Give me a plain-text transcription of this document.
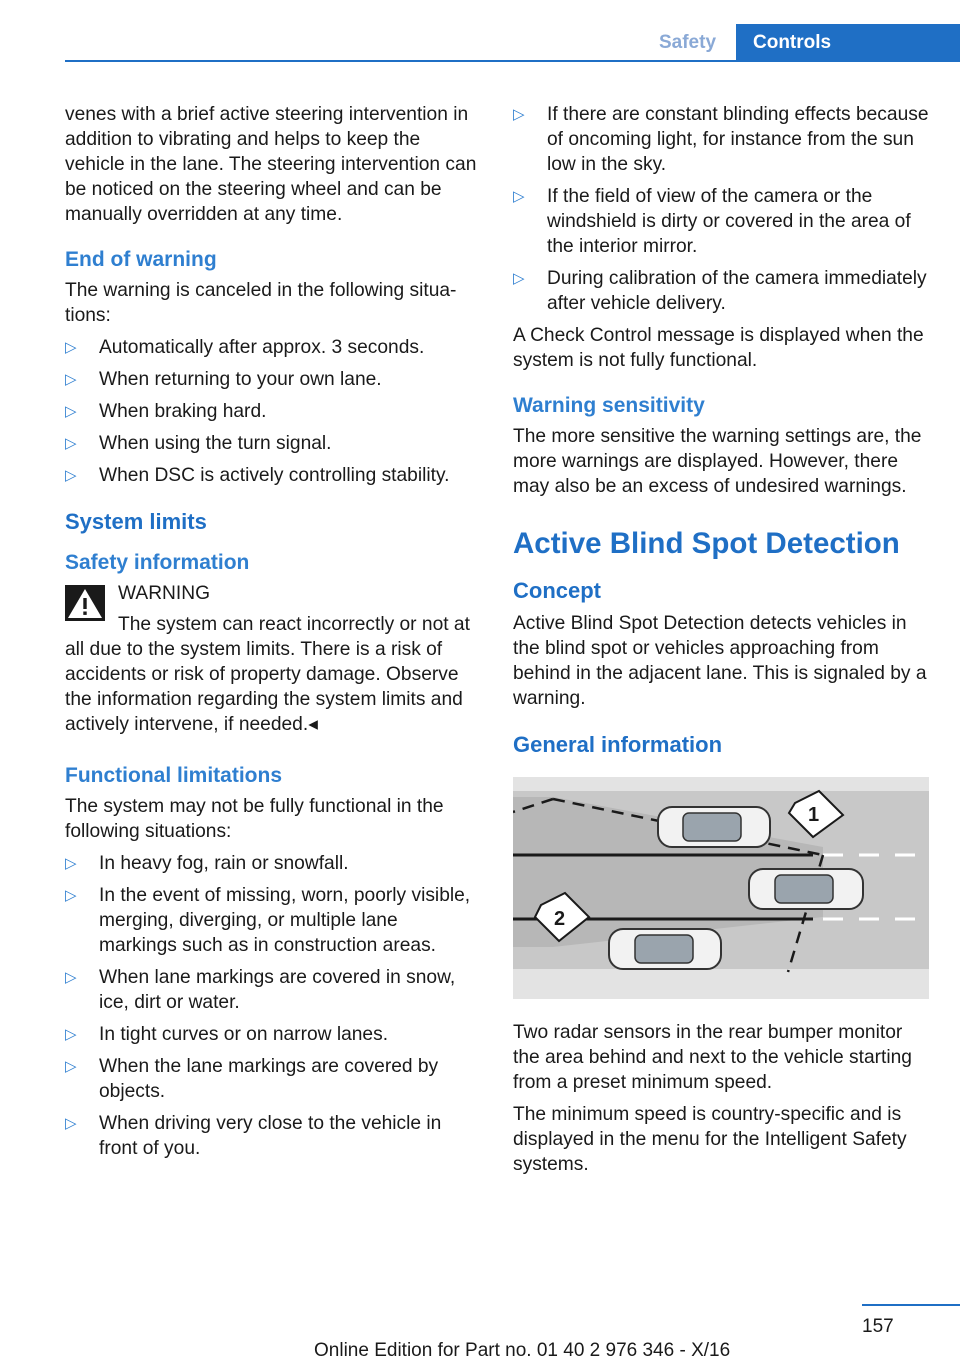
Safety	Controls

venes with a brief active steering intervention in addition to vibrating and helps to keep the vehicle in the lane. The steering intervention can be noticed on the steering wheel and can be manually overridden at any time.

End of warning

The warning is canceled in the following situations:

▷ Automatically after approx. 3 seconds.
▷ When returning to your own lane.
▷ When braking hard.
▷ When using the turn signal.
▷ When DSC is actively controlling stability.
System limits
Safety information
WARNING

The system can react incorrectly or not at all due to the system limits. There is a risk of accidents or risk of property damage. Observe the information regarding the system limits and actively intervene, if needed.◂

Functional limitations

The system may not be fully functional in the following situations:

▷ In heavy fog, rain or snowfall.
▷ In the event of missing, worn, poorly visible, merging, diverging, or multiple lane markings such as in construction areas.
▷ When lane markings are covered in snow, ice, dirt or water.
▷ In tight curves or on narrow lanes.
▷ When the lane markings are covered by objects.
▷ When driving very close to the vehicle in front of you.
▷ If there are constant blinding effects because of oncoming light, for instance from the sun low in the sky.
▷ If the field of view of the camera or the windshield is dirty or covered in the area of the interior mirror.
▷ During calibration of the camera immediately after vehicle delivery.

A Check Control message is displayed when the system is not fully functional.

Warning sensitivity

The more sensitive the warning settings are, the more warnings are displayed. However, there may also be an excess of undesired warnings.

Active Blind Spot Detection
Concept

Active Blind Spot Detection detects vehicles in the blind spot or vehicles approaching from behind in the adjacent lane. This is signaled by a warning.

General information
1
2

Two radar sensors in the rear bumper monitor the area behind and next to the vehicle starting from a preset minimum speed.

The minimum speed is country-specific and is displayed in the menu for the Intelligent Safety systems.

157
Online Edition for Part no. 01 40 2 976 346 - X/16
